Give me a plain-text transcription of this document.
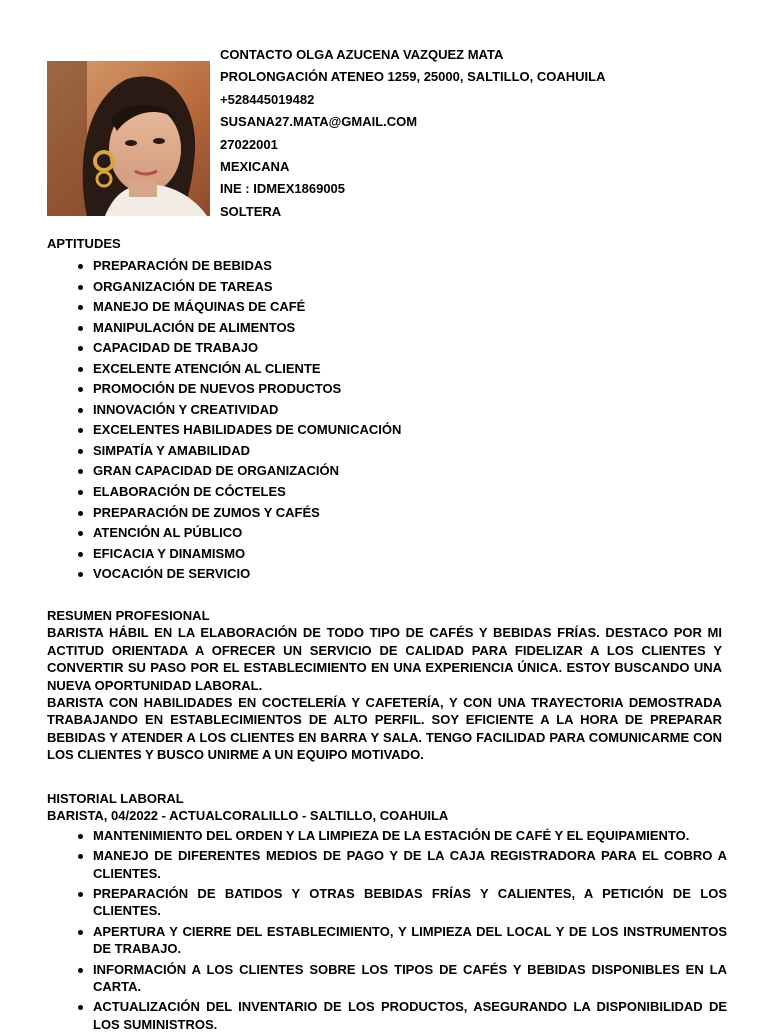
CONTACTO OLGA AZUCENA VAZQUEZ MATA
PROLONGACIÓN ATENEO 1259, 25000, SALTILLO, COAHUILA
+528445019482
SUSANA27.MATA@GMAIL.COM
27022001
MEXICANA
INE : IDMEX1869005
SOLTERA
APTITUDES
PREPARACIÓN DE BEBIDAS
ORGANIZACIÓN DE TAREAS
MANEJO DE MÁQUINAS DE CAFÉ
MANIPULACIÓN DE ALIMENTOS
CAPACIDAD DE TRABAJO
EXCELENTE ATENCIÓN AL CLIENTE
PROMOCIÓN DE NUEVOS PRODUCTOS
INNOVACIÓN Y CREATIVIDAD
EXCELENTES HABILIDADES DE COMUNICACIÓN
SIMPATÍA Y AMABILIDAD
GRAN CAPACIDAD DE ORGANIZACIÓN
ELABORACIÓN DE CÓCTELES
PREPARACIÓN DE ZUMOS Y CAFÉS
ATENCIÓN AL PÚBLICO
EFICACIA Y DINAMISMO
VOCACIÓN DE SERVICIO

RESUMEN PROFESIONAL

BARISTA HÁBIL EN LA ELABORACIÓN DE TODO TIPO DE CAFÉS Y BEBIDAS FRÍAS. DESTACO POR MI ACTITUD ORIENTADA A OFRECER UN SERVICIO DE CALIDAD PARA FIDELIZAR A LOS CLIENTES Y CONVERTIR SU PASO POR EL ESTABLECIMIENTO EN UNA EXPERIENCIA ÚNICA. ESTOY BUSCANDO UNA NUEVA OPORTUNIDAD LABORAL.

BARISTA CON HABILIDADES EN COCTELERÍA Y CAFETERÍA, Y CON UNA TRAYECTORIA DEMOSTRADA TRABAJANDO EN ESTABLECIMIENTOS DE ALTO PERFIL. SOY EFICIENTE A LA HORA DE PREPARAR BEBIDAS Y ATENDER A LOS CLIENTES EN BARRA Y SALA. TENGO FACILIDAD PARA COMUNICARME CON LOS CLIENTES Y BUSCO UNIRME A UN EQUIPO MOTIVADO.

HISTORIAL LABORAL
BARISTA, 04/2022 - ACTUALCORALILLO - SALTILLO, COAHUILA
MANTENIMIENTO DEL ORDEN Y LA LIMPIEZA DE LA ESTACIÓN DE CAFÉ Y EL EQUIPAMIENTO.
MANEJO DE DIFERENTES MEDIOS DE PAGO Y DE LA CAJA REGISTRADORA PARA EL COBRO A CLIENTES.
PREPARACIÓN DE BATIDOS Y OTRAS BEBIDAS FRÍAS Y CALIENTES, A PETICIÓN DE LOS CLIENTES.
APERTURA Y CIERRE DEL ESTABLECIMIENTO, Y LIMPIEZA DEL LOCAL Y DE LOS INSTRUMENTOS DE TRABAJO.
INFORMACIÓN A LOS CLIENTES SOBRE LOS TIPOS DE CAFÉS Y BEBIDAS DISPONIBLES EN LA CARTA.
ACTUALIZACIÓN DEL INVENTARIO DE LOS PRODUCTOS, ASEGURANDO LA DISPONIBILIDAD DE LOS SUMINISTROS.
